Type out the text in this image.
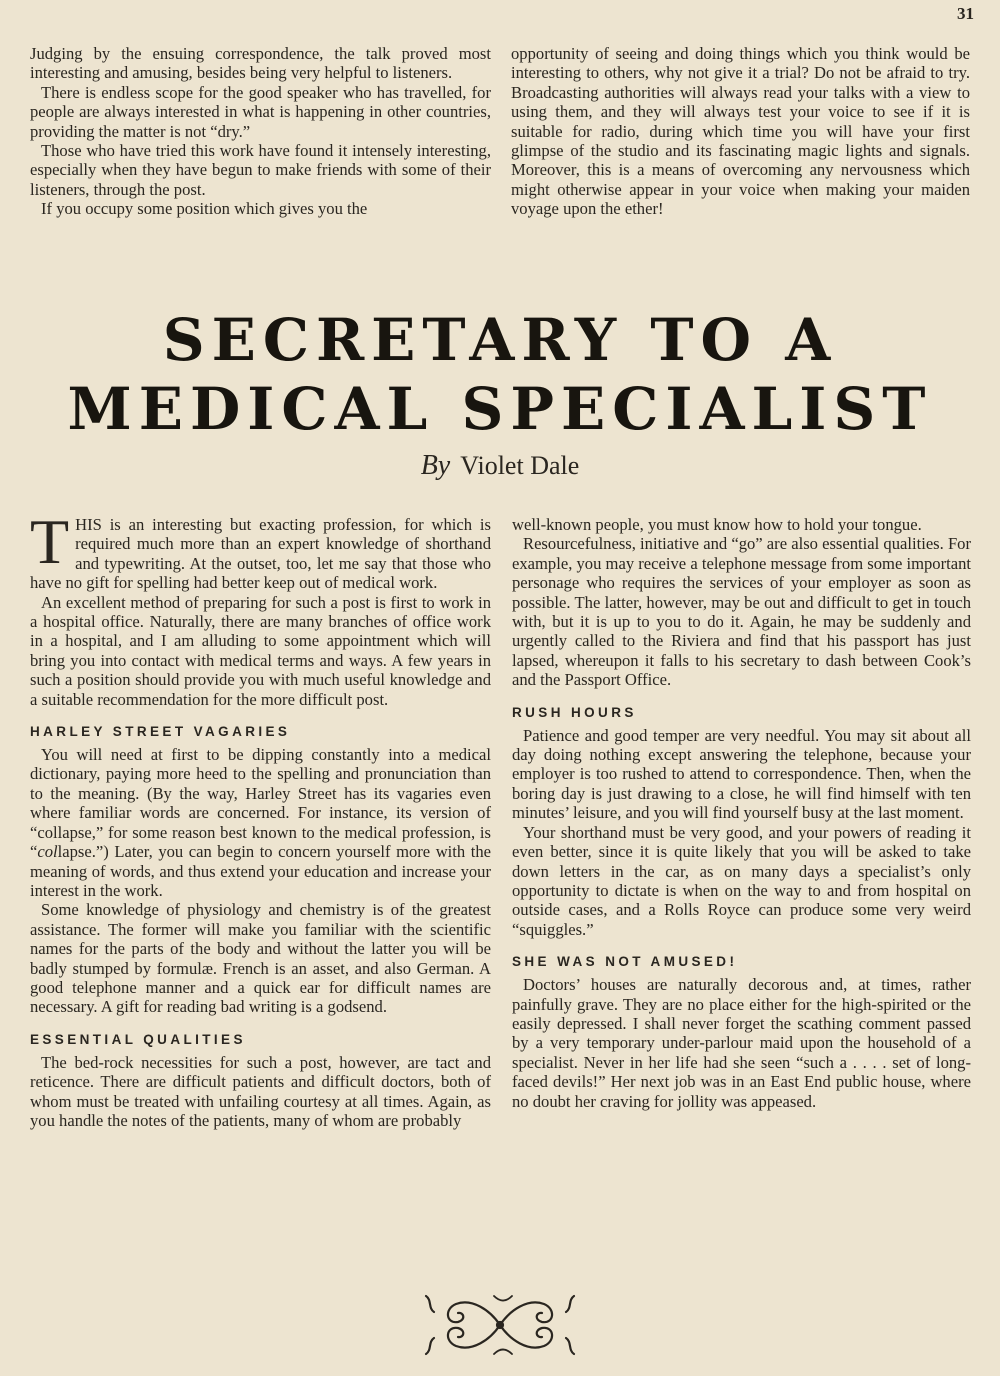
31

Judging by the ensuing correspondence, the talk proved most interesting and amusing, besides being very helpful to listeners.

There is endless scope for the good speaker who has travelled, for people are always interested in what is happening in other countries, providing the matter is not “dry.”

Those who have tried this work have found it intensely interesting, especially when they have begun to make friends with some of their listeners, through the post.

If you occupy some position which gives you the

opportunity of seeing and doing things which you think would be interesting to others, why not give it a trial? Do not be afraid to try. Broadcasting authorities will always read your talks with a view to using them, and they will always test your voice to see if it is suitable for radio, during which time you will have your first glimpse of the studio and its fascinating magic lights and signals. Moreover, this is a means of overcoming any nervousness which might otherwise appear in your voice when making your maiden voyage upon the ether!

SECRETARY TO A
MEDICAL SPECIALIST
By Violet Dale

THIS is an interesting but exacting profession, for which is required much more than an expert knowledge of shorthand and typewriting. At the outset, too, let me say that those who have no gift for spelling had better keep out of medical work.

An excellent method of preparing for such a post is first to work in a hospital office. Naturally, there are many branches of office work in a hospital, and I am alluding to some appointment which will bring you into contact with medical terms and ways. A few years in such a position should provide you with much useful knowledge and a suitable recommendation for the more difficult post.

HARLEY STREET VAGARIES

You will need at first to be dipping constantly into a medical dictionary, paying more heed to the spelling and pronunciation than to the meaning. (By the way, Harley Street has its vagaries even where familiar words are concerned. For instance, its version of “collapse,” for some reason best known to the medical profession, is “collapse.”) Later, you can begin to concern yourself more with the meaning of words, and thus extend your education and increase your interest in the work.

Some knowledge of physiology and chemistry is of the greatest assistance. The former will make you familiar with the scientific names for the parts of the body and without the latter you will be badly stumped by formulæ. French is an asset, and also German. A good telephone manner and a quick ear for difficult names are necessary. A gift for reading bad writing is a godsend.

ESSENTIAL QUALITIES

The bed-rock necessities for such a post, however, are tact and reticence. There are difficult patients and difficult doctors, both of whom must be treated with unfailing courtesy at all times. Again, as you handle the notes of the patients, many of whom are probably

well-known people, you must know how to hold your tongue.

Resourcefulness, initiative and “go” are also essential qualities. For example, you may receive a telephone message from some important personage who requires the services of your employer as soon as possible. The latter, however, may be out and difficult to get in touch with, but it is up to you to do it. Again, he may be suddenly and urgently called to the Riviera and find that his passport has just lapsed, whereupon it falls to his secretary to dash between Cook’s and the Passport Office.

RUSH HOURS

Patience and good temper are very needful. You may sit about all day doing nothing except answering the telephone, because your employer is too rushed to attend to correspondence. Then, when the boring day is just drawing to a close, he will find himself with ten minutes’ leisure, and you will find yourself busy at the last moment.

Your shorthand must be very good, and your powers of reading it even better, since it is quite likely that you will be asked to take down letters in the car, as on many days a specialist’s only opportunity to dictate is when on the way to and from hospital on outside cases, and a Rolls Royce can produce some very weird “squiggles.”

SHE WAS NOT AMUSED!

Doctors’ houses are naturally decorous and, at times, rather painfully grave. They are no place either for the high-spirited or the easily depressed. I shall never forget the scathing comment passed by a very temporary under-parlour maid upon the household of a specialist. Never in her life had she seen “such a . . . . set of long-faced devils!” Her next job was in an East End public house, where no doubt her craving for jollity was appeased.
